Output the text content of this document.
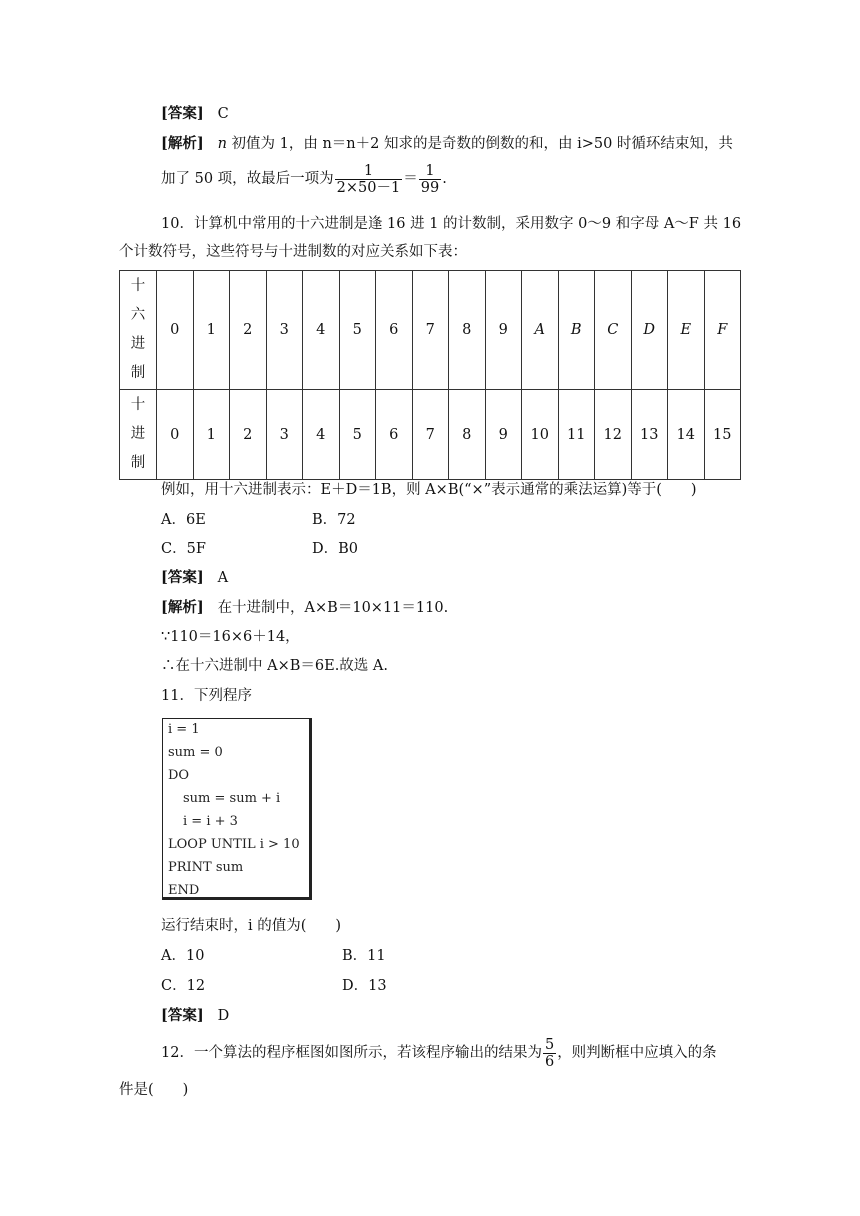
[答案] C
[解析] n 初值为 1，由 n＝n＋2 知求的是奇数的倒数的和，由 i>50 时循环结束知，共
加了 50 项，故最后一项为 $\frac{1}{2\times 50-1} = \frac{1}{99}$ .
10．计算机中常用的十六进制是逢 16 进 1 的计数制，采用数字 0～9 和字母 A～F 共 16
个计数符号，这些符号与十进制数的对应关系如下表：
十
六
进
制	0	1	2	3	4	5	6	7	8	9	A	B	C	D	E	F

十
进
制	0	1	2	3	4	5	6	7	8	9	10	11	12	13	14	15
例如，用十六进制表示：E＋D＝1B，则 A×B(“×”表示通常的乘法运算)等于(　　)
A．6E	B．72
C．5F	D．B0
[答案] A
[解析] 在十进制中，A×B＝10×11＝110.
∵110＝16×6＋14，
∴在十六进制中 A×B＝6E.故选 A.
11．下列程序
i = 1
sum = 0
DO
sum = sum + i
i = i + 3
LOOP UNTIL i > 10
PRINT sum
END
运行结束时，i 的值为(　　)
A．10	B．11
C．12	D．13
[答案] D
12．一个算法的程序框图如图所示，若该程序输出的结果为 $\frac{5}{6}$ ，则判断框中应填入的条
件是(　　)
